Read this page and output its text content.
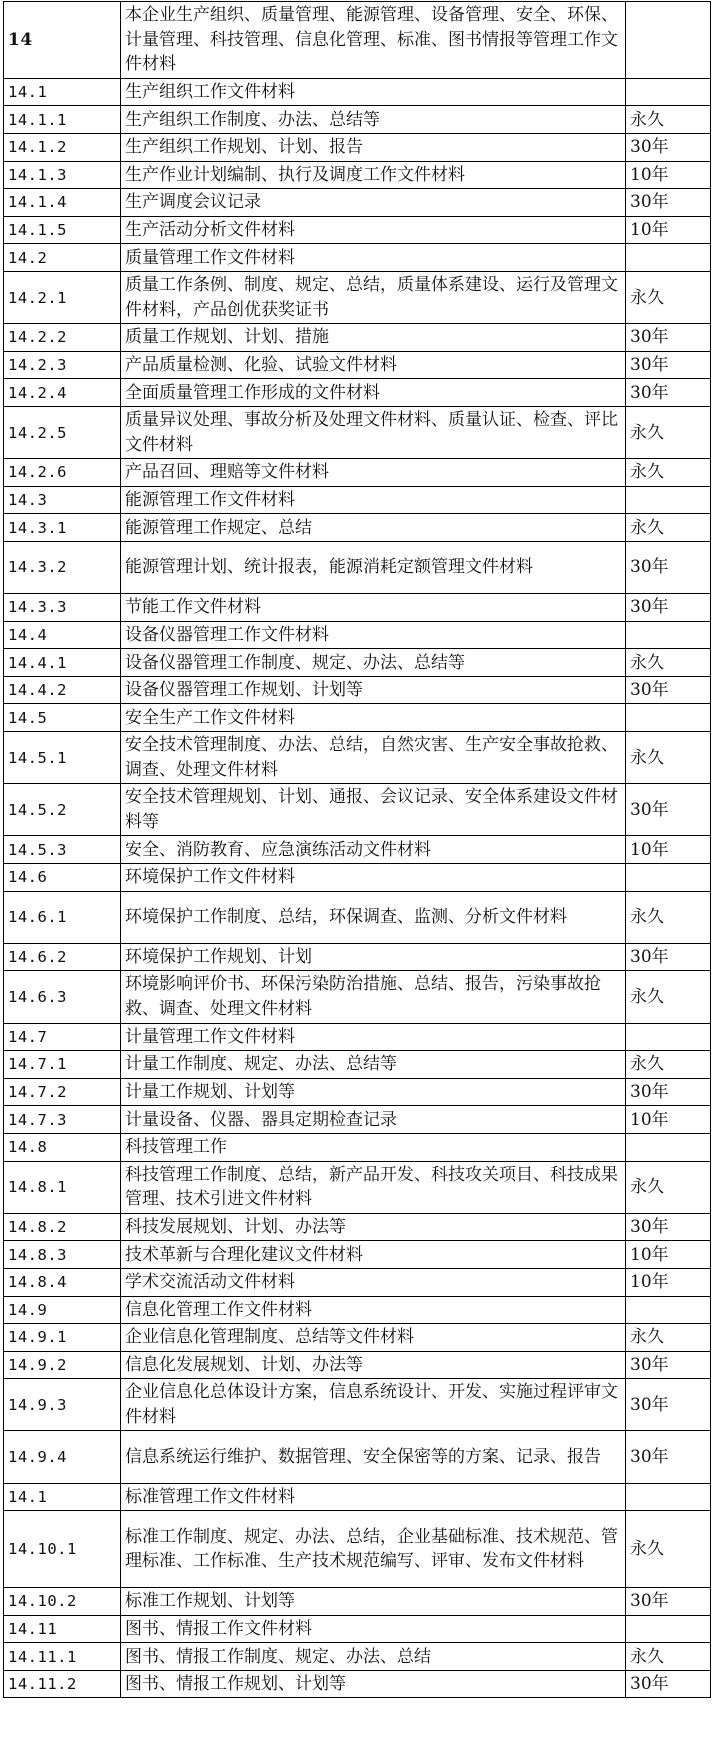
14	本企业生产组织、质量管理、能源管理、设备管理、安全、环保、计量管理、科技管理、信息化管理、标准、图书情报等管理工作文件材料	
14.1	生产组织工作文件材料	
14.1.1	生产组织工作制度、办法、总结等	永久
14.1.2	生产组织工作规划、计划、报告	30年
14.1.3	生产作业计划编制、执行及调度工作文件材料	10年
14.1.4	生产调度会议记录	30年
14.1.5	生产活动分析文件材料	10年
14.2	质量管理工作文件材料	
14.2.1	质量工作条例、制度、规定、总结，质量体系建设、运行及管理文件材料，产品创优获奖证书	永久
14.2.2	质量工作规划、计划、措施	30年
14.2.3	产品质量检测、化验、试验文件材料	30年
14.2.4	全面质量管理工作形成的文件材料	30年
14.2.5	质量异议处理、事故分析及处理文件材料、质量认证、检查、评比文件材料	永久
14.2.6	产品召回、理赔等文件材料	永久
14.3	能源管理工作文件材料	
14.3.1	能源管理工作规定、总结	永久
14.3.2	能源管理计划、统计报表，能源消耗定额管理文件材料	30年
14.3.3	节能工作文件材料	30年
14.4	设备仪器管理工作文件材料	
14.4.1	设备仪器管理工作制度、规定、办法、总结等	永久
14.4.2	设备仪器管理工作规划、计划等	30年
14.5	安全生产工作文件材料	
14.5.1	安全技术管理制度、办法、总结，自然灾害、生产安全事故抢救、调查、处理文件材料	永久
14.5.2	安全技术管理规划、计划、通报、会议记录、安全体系建设文件材料等	30年
14.5.3	安全、消防教育、应急演练活动文件材料	10年
14.6	环境保护工作文件材料	
14.6.1	环境保护工作制度、总结，环保调查、监测、分析文件材料	永久
14.6.2	环境保护工作规划、计划	30年
14.6.3	环境影响评价书、环保污染防治措施、总结、报告，污染事故抢救、调查、处理文件材料	永久
14.7	计量管理工作文件材料	
14.7.1	计量工作制度、规定、办法、总结等	永久
14.7.2	计量工作规划、计划等	30年
14.7.3	计量设备、仪器、器具定期检查记录	10年
14.8	科技管理工作	
14.8.1	科技管理工作制度、总结，新产品开发、科技攻关项目、科技成果管理、技术引进文件材料	永久
14.8.2	科技发展规划、计划、办法等	30年
14.8.3	技术革新与合理化建议文件材料	10年
14.8.4	学术交流活动文件材料	10年
14.9	信息化管理工作文件材料	
14.9.1	企业信息化管理制度、总结等文件材料	永久
14.9.2	信息化发展规划、计划、办法等	30年
14.9.3	企业信息化总体设计方案，信息系统设计、开发、实施过程评审文件材料	30年
14.9.4	信息系统运行维护、数据管理、安全保密等的方案、记录、报告	30年
14.1	标准管理工作文件材料	
14.10.1	标准工作制度、规定、办法、总结，企业基础标准、技术规范、管理标准、工作标准、生产技术规范编写、评审、发布文件材料	永久
14.10.2	标准工作规划、计划等	30年
14.11	图书、情报工作文件材料	
14.11.1	图书、情报工作制度、规定、办法、总结	永久
14.11.2	图书、情报工作规划、计划等	30年
